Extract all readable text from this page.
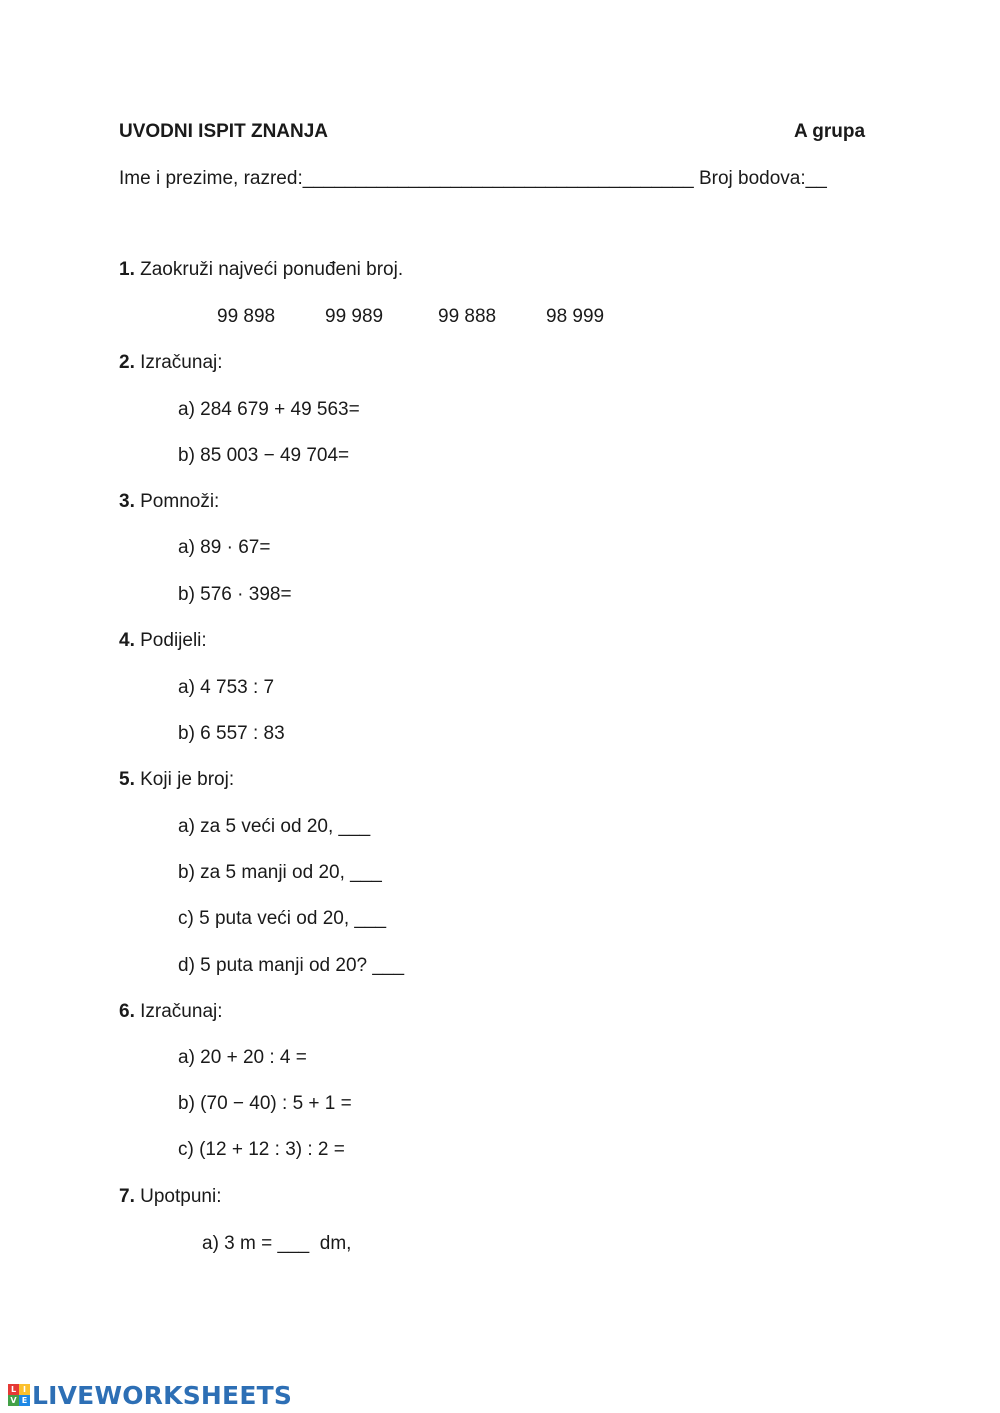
UVODNI ISPIT ZNANJA	A grupa
Ime i prezime, razred:_____________________________________ Broj bodova:__
1. Zaokruži najveći ponuđeni broj.
99 898	99 989	99 888	98 999
2. Izračunaj:
a) 284 679 + 49 563=
b) 85 003 − 49 704=
3. Pomnoži:
a) 89 · 67=
b) 576 · 398=
4. Podijeli:
a) 4 753 : 7
b) 6 557 : 83
5. Koji je broj:
a) za 5 veći od 20, ___
b) za 5 manji od 20, ___
c) 5 puta veći od 20, ___
d) 5 puta manji od 20? ___
6. Izračunaj:
a) 20 + 20 : 4 =
b) (70 − 40) : 5 + 1 =
c) (12 + 12 : 3) : 2 =
7. Upotpuni:
a) 3 m = ___  dm,
L I
V E LIVEWORKSHEETS
